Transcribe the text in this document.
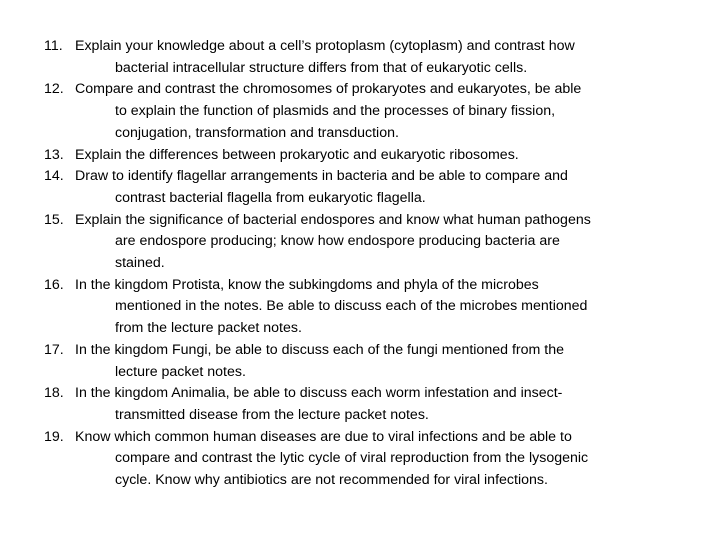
11. Explain your knowledge about a cell’s protoplasm (cytoplasm) and contrast how
bacterial intracellular structure differs from that of eukaryotic cells.
12. Compare and contrast the chromosomes of prokaryotes and eukaryotes, be able
to explain the function of plasmids and the processes of binary fission,
conjugation, transformation and transduction.
13. Explain the differences between prokaryotic and eukaryotic ribosomes.
14. Draw to identify flagellar arrangements in bacteria and be able to compare and
contrast bacterial flagella from eukaryotic flagella.
15. Explain the significance of bacterial endospores and know what human pathogens
are endospore producing; know how endospore producing bacteria are
stained.
16. In the kingdom Protista, know the subkingdoms and phyla of the microbes
mentioned in the notes. Be able to discuss each of the microbes mentioned
from the lecture packet notes.
17. In the kingdom Fungi, be able to discuss each of the fungi mentioned from the
lecture packet notes.
18. In the kingdom Animalia, be able to discuss each worm infestation and insect-
transmitted disease from the lecture packet notes.
19. Know which common human diseases are due to viral infections and be able to
compare and contrast the lytic cycle of viral reproduction from the lysogenic
cycle. Know why antibiotics are not recommended for viral infections.
